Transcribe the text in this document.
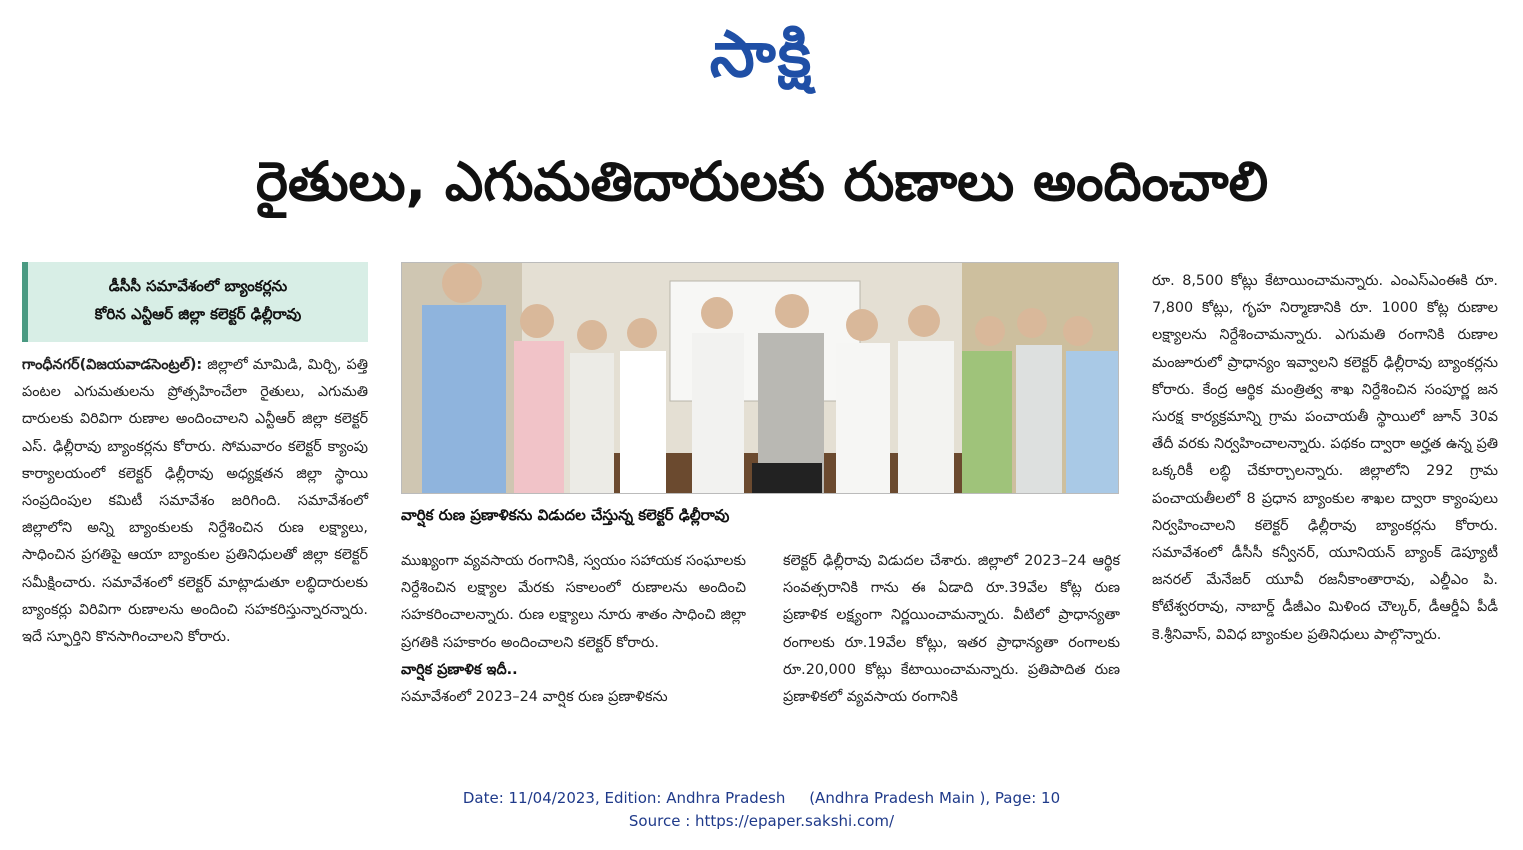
సాక్షి
రైతులు, ఎగుమతిదారులకు రుణాలు అందించాలి
డీసీసీ సమావేశంలో బ్యాంకర్లను
కోరిన ఎన్టీఆర్ జిల్లా కలెక్టర్ ఢిల్లీరావు

గాంధీనగర్(విజయవాడసెంట్రల్): జిల్లాలో మామిడి, మిర్చి, పత్తి పంటల ఎగుమతులను ప్రోత్సహించేలా రైతులు, ఎగుమతి దారులకు విరివిగా రుణాల అందించాలని ఎన్టీఆర్ జిల్లా కలెక్టర్ ఎస్. ఢిల్లీరావు బ్యాంకర్లను కోరారు. సోమవారం కలెక్టర్ క్యాంపు కార్యాలయంలో కలెక్టర్ ఢిల్లీరావు అధ్యక్షతన జిల్లా స్థాయి సంప్రదింపుల కమిటీ సమావేశం జరిగింది. సమావేశంలో జిల్లాలోని అన్ని బ్యాంకులకు నిర్దేశించిన రుణ లక్ష్యాలు, సాధించిన ప్రగతిపై ఆయా బ్యాంకుల ప్రతినిధులతో జిల్లా కలెక్టర్ సమీక్షించారు. సమావేశంలో కలెక్టర్ మాట్లాడుతూ లబ్ధిదారులకు బ్యాంకర్లు విరివిగా రుణాలను అందించి సహకరిస్తున్నారన్నారు. ఇదే స్ఫూర్తిని కొనసాగించాలని కోరారు.

వార్షిక రుణ ప్రణాళికను విడుదల చేస్తున్న కలెక్టర్ ఢిల్లీరావు

ముఖ్యంగా వ్యవసాయ రంగానికి, స్వయం సహాయక సంఘాలకు నిర్దేశించిన లక్ష్యాల మేరకు సకాలంలో రుణాలను అందించి సహకరించాలన్నారు. రుణ లక్ష్యాలు నూరు శాతం సాధించి జిల్లా ప్రగతికి సహకారం అందించాలని కలెక్టర్ కోరారు.

వార్షిక ప్రణాళిక ఇదీ..

సమావేశంలో 2023–24 వార్షిక రుణ ప్రణాళికను

కలెక్టర్ ఢిల్లీరావు విడుదల చేశారు. జిల్లాలో 2023–24 ఆర్థిక సంవత్సరానికి గాను ఈ ఏడాది రూ.39వేల కోట్ల రుణ ప్రణాళిక లక్ష్యంగా నిర్ణయించామన్నారు. వీటిలో ప్రాధాన్యతా రంగాలకు రూ.19వేల కోట్లు, ఇతర ప్రాధాన్యతా రంగాలకు రూ.20,000 కోట్లు కేటాయించామన్నారు. ప్రతిపాదిత రుణ ప్రణాళికలో వ్యవసాయ రంగానికి

రూ. 8,500 కోట్లు కేటాయించామన్నారు. ఎంఎస్ఎంఈకి రూ. 7,800 కోట్లు, గృహ నిర్మాణానికి రూ. 1000 కోట్ల రుణాల లక్ష్యాలను నిర్దేశించామన్నారు. ఎగుమతి రంగానికి రుణాల మంజూరులో ప్రాధాన్యం ఇవ్వాలని కలెక్టర్ ఢిల్లీరావు బ్యాంకర్లను కోరారు. కేంద్ర ఆర్థిక మంత్రిత్వ శాఖ నిర్దేశించిన సంపూర్ణ జన సురక్ష కార్యక్రమాన్ని గ్రామ పంచాయతీ స్థాయిలో జూన్ 30వ తేదీ వరకు నిర్వహించాలన్నారు. పథకం ద్వారా అర్హత ఉన్న ప్రతి ఒక్కరికీ లబ్ధి చేకూర్చాలన్నారు. జిల్లాలోని 292 గ్రామ పంచాయతీలలో 8 ప్రధాన బ్యాంకుల శాఖల ద్వారా క్యాంపులు నిర్వహించాలని కలెక్టర్ ఢిల్లీరావు బ్యాంకర్లను కోరారు. సమావేశంలో డీసీసీ కన్వీనర్, యూనియన్ బ్యాంక్ డెప్యూటీ జనరల్ మేనేజర్ యూవీ రజనీకాంతారావు, ఎల్డీఎం పి. కోటేశ్వరరావు, నాబార్డ్ డీజీఎం మిళింద చౌల్కర్, డీఆర్డీఏ పీడీ కె.శ్రీనివాస్, వివిధ బ్యాంకుల ప్రతినిధులు పాల్గొన్నారు.

Date: 11/04/2023, Edition: Andhra Pradesh     (Andhra Pradesh Main ), Page: 10
Source : https://epaper.sakshi.com/
